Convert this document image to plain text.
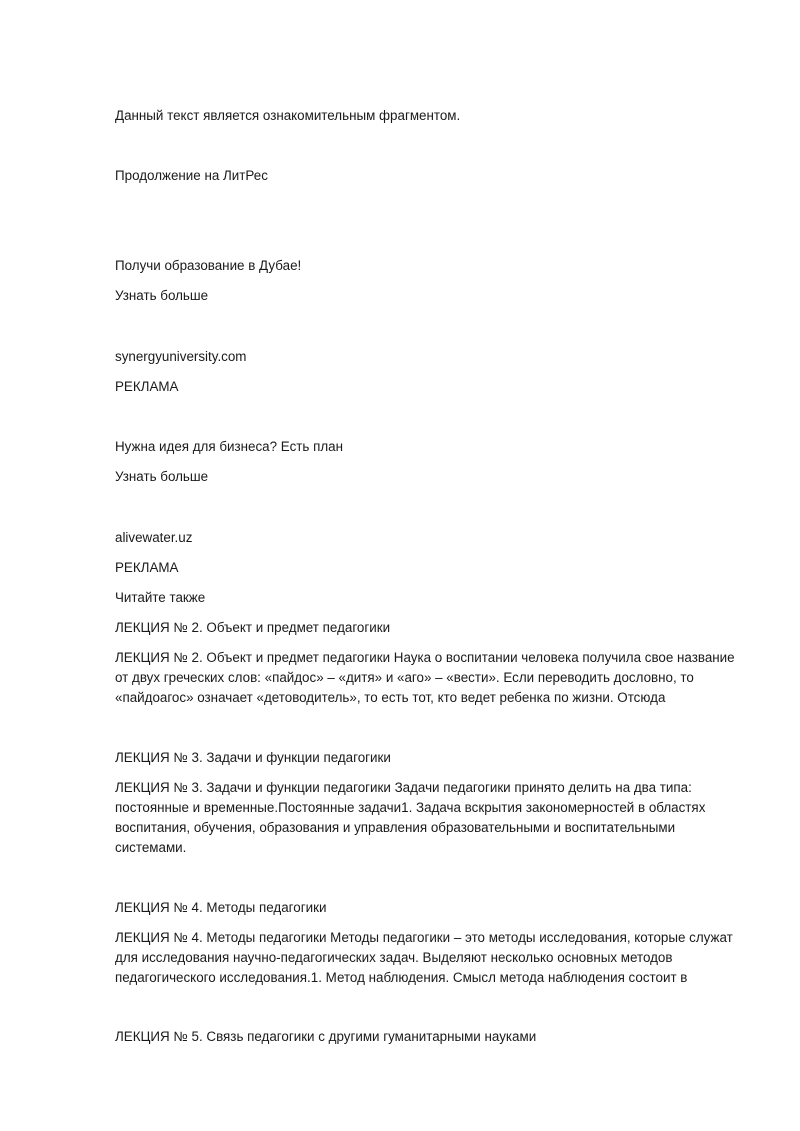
Данный текст является ознакомительным фрагментом.

Продолжение на ЛитРес

Получи образование в Дубае!

Узнать больше

synergyuniversity.com

РЕКЛАМА

Нужна идея для бизнеса? Есть план

Узнать больше

alivewater.uz

РЕКЛАМА

Читайте также

ЛЕКЦИЯ № 2. Объект и предмет педагогики

ЛЕКЦИЯ № 2. Объект и предмет педагогики Наука о воспитании человека получила свое название от двух греческих слов: «пайдос» – «дитя» и «аго» – «вести». Если переводить дословно, то «пайдоагос» означает «детоводитель», то есть тот, кто ведет ребенка по жизни. Отсюда

ЛЕКЦИЯ № 3. Задачи и функции педагогики

ЛЕКЦИЯ № 3. Задачи и функции педагогики Задачи педагогики принято делить на два типа: постоянные и временные.Постоянные задачи1. Задача вскрытия закономерностей в областях воспитания, обучения, образования и управления образовательными и воспитательными системами.

ЛЕКЦИЯ № 4. Методы педагогики

ЛЕКЦИЯ № 4. Методы педагогики Методы педагогики – это методы исследования, которые служат для исследования научно-педагогических задач. Выделяют несколько основных методов педагогического исследования.1. Метод наблюдения. Смысл метода наблюдения состоит в

ЛЕКЦИЯ № 5. Связь педагогики с другими гуманитарными науками
